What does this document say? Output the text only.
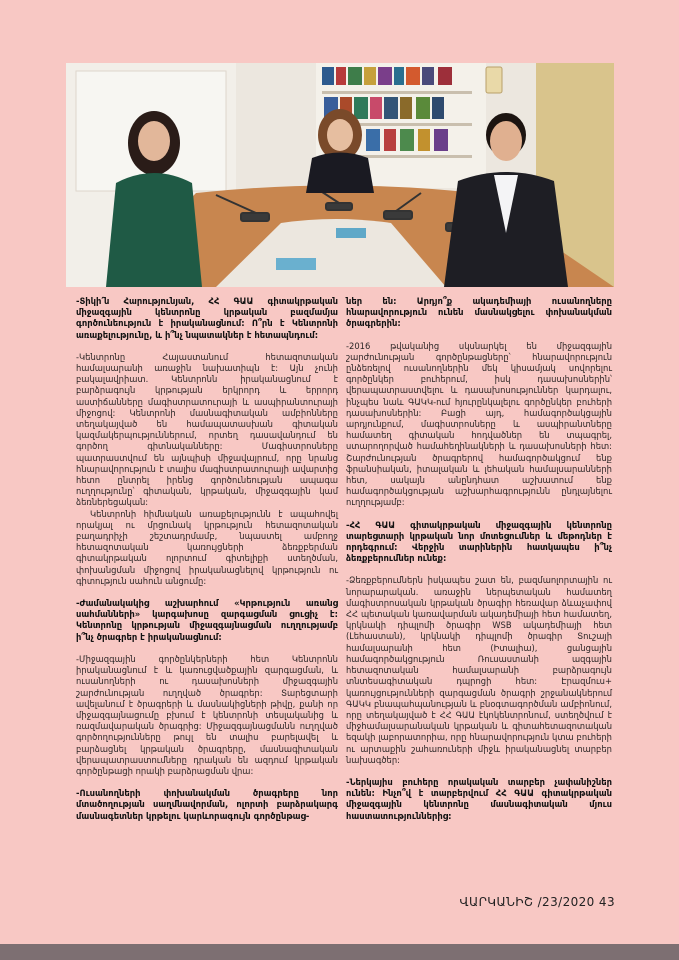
-Տիկի՛ն Հարությունյան, ՀՀ ԳԱԱ գիտակրթական միջազգային կենտրոնը կրթական բազմամյա գործունեություն է իրականացնում: Ո՞րն է Կենտրոնի առաքելությունը, և ի՞նչ նպատակներ է հետապնդում:

-Կենտրոնը Հայաստանում հետազոտական համալսարանի առաջին նախատիպն է: Այն չունի բակալավրիատ. Կենտրոնն իրականացնում է բարձրագույն կրթության երկրորդ և երրորդ աստիճանները մագիստրատուրայի և ասպիրանտուրայի միջոցով: Կենտրոնի մասնագիտական ամբիոնները տեղակայված են համապատասխան գիտական կազմակերպություններում, որտեղ դասավանդում են գործող գիտնականները: Մագիստրոսները պատրաստվում են այնպիսի միջավայրում, որը նրանց հնարավորություն է տալիս մագիստրատուրայի ավարտից հետո ընտրել իրենց գործունեության ապագա ուղղությունը՝ գիտական, կրթական, միջազգային կամ ձեռներեցական:

Կենտրոնի հիմնական առաքելությունն է ապահովել որակյալ ու մրցունակ կրթություն հետազոտական բաղադրիչի շեշտադրմամբ, նպաստել ամբողջ հետազոտական կառույցների ձեռքբերման գիտակրթական ոլորտում գիտելիքի ստեղծման, փոխանցման միջոցով իրականացնելով կրթություն ու գիտություն սահուն անցումը:

-Ժամանակակից աշխարհում «Կրթություն առանց սահմանների» կարգախոսը զարգացման ցուցիչ է: Կենտրոնը կրթության միջազգայնացման ուղղությամբ ի՞նչ ծրագրեր է իրականացնում:

-Միջազգային գործընկերների հետ Կենտրոնն իրականացնում է և կառուցվածքային զարգացման, և ուսանողների ու դասախոսների միջազգային շարժունության ուղղված ծրագրեր: Տարեցտարի ավելանում է ծրագրերի և մասնակիցների թիվը, քանի որ միջազգայնացումը բխում է կենտրոնի տեսլականից և ռազմավարական ծրագրից: Միջազգայնացմանն ուղղված գործողությունները թույլ են տալիս բարելավել և բարձացնել կրթական ծրագրերը, մասնագիտական վերապատրաստումները դրական են ազդում կրթական գործընթացի որակի բարձրացման վրա:

-Ուսանողների փոխանակման ծրագրերը նոր մտածողության սաղմնավորման, ոլորտի բարձրակարգ մասնագետներ կրթելու կարևորագույն գործընթաց-

ներ են: Արդյո՞ք ակադեմիայի ուսանողները հնարավորություն ունեն մասնակցելու փոխանակման ծրագրերին:

-2016 թվականից սկսնարկել են միջազգային շարժունության գործընթացները՝ հնարավորություն ընձեռելով ուսանողներին մեկ կիսամյակ սովորելու գործընկեր բուհերում, իսկ դասախոսներին՝ վերապատրաստվելու և դասախոսություններ կարդալու, ինչպես նաև ԳԱԿԿ-ում հյուրընկալելու գործընկեր բուհերի դասախոսներին: Բացի այդ, համագործակցային արդյունքում, մագիստրոսները և ասպիրանտները համատեղ գիտական հոդվածներ են տպագրել, ստարողորված համահեղինակների և դասախոսների հետ: Շարժունության ծրագրերով համագործակցում ենք ֆրանսիական, իտալական և լեհական համալսարանների հետ, սակայն անընդհատ աշխատում ենք համագործակցության աշխարհագրությունն ընդլայնելու ուղղությամբ:

-ՀՀ ԳԱԱ գիտակրթական միջազգային կենտրոնը տարեցտարի կրթական նոր մոտեցումներ և մեթոդներ է որդեգրում: Վերջին տարիներին հատկապես ի՞նչ ձեռքբերումներ ունեք:

-Ձեռքբերումներն իսկապես շատ են, բազմաոլորտային ու նորարարական. առաջին ներպետական համատեղ մագիստրոսական կրթական ծրագիր հեռավար ձևաչափով ՀՀ պետական կառավարման ակադեմիայի հետ համատեղ, կրկնակի դիպլոմի ծրագիր WSB ակադեմիայի հետ (Լեհաստան), կրկնակի դիպլոմի ծրագիր Տուշայի համալսարանի հետ (Իտալիա), ցանցային համագործակցություն Ռուսաստանի ազգային հետազոտական համալսարանի բարձրագույն տնտեսագիտական դպրոցի հետ: Էրազմուս+ կառույցությունների զարգացման ծրագրի շրջանակներում ԳԱԿԿ բնապահպանության և բնօգտագործման ամբիոնում, որը տեղակայված է ՀՀ ԳԱԱ էկոկենտրոնում, ստեղծվում է միջհամալսարանական կրթական և գիտահետազոտական եզակի լաբորատորիա, որը հնարավորություն կտա բուհերի ու արտաքին շահառուների միջև իրականացնել տարբեր նախագծեր:

-Ներկայիս բուհերը որակական տարբեր չափանիշներ ունեն: Ինչո՞վ է տարբերվում ՀՀ ԳԱԱ գիտակրթական միջազգային կենտրոնը մասնագիտական մյուս հաստատություններից:

ՎԱՐԿԱՆԻՇ /23/2020 43
